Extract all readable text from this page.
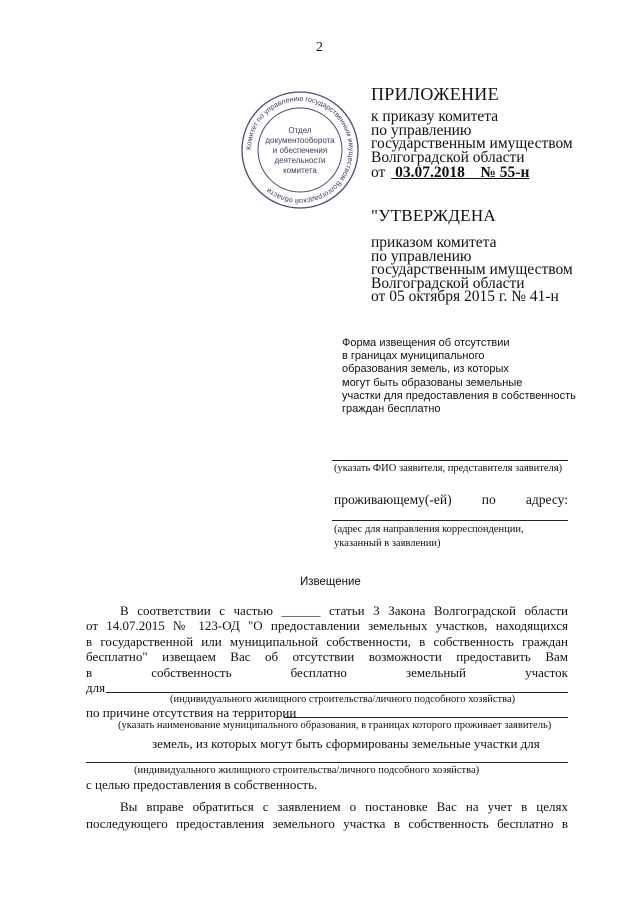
2
Комитет по управлению государственным имуществом Волгоградской области
Отдел
документооборота
и обеспечения
деятельности
комитета
ПРИЛОЖЕНИЕ
к приказу комитета
по управлению
государственным имуществом
Волгоградской области
от 03.07.2018 № 55-н
"УТВЕРЖДЕНА
приказом комитета
по управлению
государственным имуществом
Волгоградской области
от 05 октября 2015 г. № 41-н
Форма извещения об отсутствии
в границах муниципального
образования земель, из которых
могут быть образованы земельные
участки для предоставления в собственность
граждан бесплатно
(указать ФИО заявителя, представителя заявителя)
проживающему(-ей) по адресу:
(адрес для направления корреспонденции,
указанный в заявлении)
Извещение
В соответствии с частью ______ статьи 3 Закона Волгоградской области
от 14.07.2015 № 123-ОД "О предоставлении земельных участков, находящихся
в государственной или муниципальной собственности, в собственность граждан
бесплатно" извещаем Вас об отсутствии возможности предоставить Вам
в собственность бесплатно земельный участок
для
(индивидуального жилищного строительства/личного подсобного хозяйства)
по причине отсутствия на территории
(указать наименование муниципального образования, в границах которого проживает заявитель)
земель, из которых могут быть сформированы земельные участки для
(индивидуального жилищного строительства/личного подсобного хозяйства)
с целью предоставления в собственность.
Вы вправе обратиться с заявлением о постановке Вас на учет в целях
последующего предоставления земельного участка в собственность бесплатно в
